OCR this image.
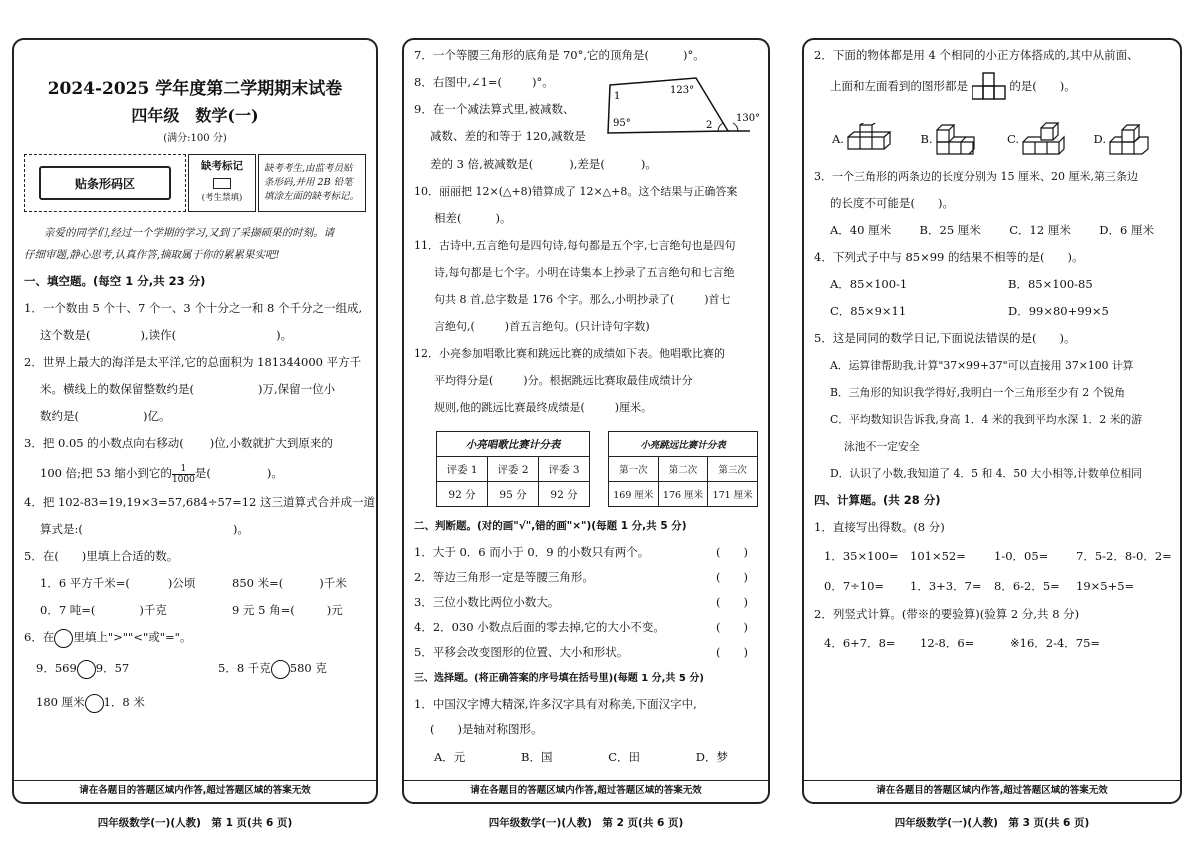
2024-2025 学年度第二学期期末试卷
四年级　数学(一)
(满分:100 分)
贴条形码区
缺考标记
(考生禁填)
缺考考生,由监考员贴条形码,并用 2B 铅笔填涂左面的缺考标记。
亲爱的同学们,经过一个学期的学习,又到了采撷硕果的时刻。请
仔细审题,静心思考,认真作答,摘取属于你的累累果实吧!
一、填空题。(每空 1 分,共 23 分)
1．一个数由 5 个十、7 个一、3 个十分之一和 8 个千分之一组成,
这个数是(	),读作(	)。
2．世界上最大的海洋是太平洋,它的总面积为 181344000 平方千
米。横线上的数保留整数约是(	)万,保留一位小
数约是(	)亿。
3．把 0.05 的小数点向右移动( )位,小数就扩大到原来的
100 倍;把 53 缩小到它的 $\frac{1}{1000}$ 是(	)。
4．把 102-83=19,19×3=57,684÷57=12 这三道算式合并成一道
算式是:(	)。
5．在(　　)里填上合适的数。
1．6 平方千米=(	)公顷	850 米=(	)千米
0．7 吨=(	)千克	9 元 5 角=(	)元
6．在 里填上">""<"或"="。
9．569 9．57	5．8 千克 580 克
180 厘米 1．8 米
请在各题目的答题区域内作答,超过答题区域的答案无效
四年级数学(一)(人教)　第 1 页(共 6 页)
7．一个等腰三角形的底角是 70°,它的顶角是(	)°。
8．右图中,∠1=(	)°。
9．在一个减法算式里,被减数、
减数、差的和等于 120,减数是
1
123°
95°	2
130°
差的 3 倍,被减数是(	),差是(	)。
10．丽丽把 12×(△+8)错算成了 12×△+8。这个结果与正确答案
相差(	)。
11．古诗中,五言绝句是四句诗,每句都是五个字,七言绝句也是四句
诗,每句都是七个字。小明在诗集本上抄录了五言绝句和七言绝
句共 8 首,总字数是 176 个字。那么,小明抄录了(	)首七
言绝句,(	)首五言绝句。(只计诗句字数)
12．小亮参加唱歌比赛和跳远比赛的成绩如下表。他唱歌比赛的
平均得分是(	)分。根据跳远比赛取最佳成绩计分
规则,他的跳远比赛最终成绩是(	)厘米。
小亮唱歌比赛计分表		
评委 1	评委 2	评委 3
92 分	95 分	92 分
小亮跳远比赛计分表		
第一次	第二次	第三次
169 厘米	176 厘米	171 厘米
二、判断题。(对的画"√",错的画"×")(每题 1 分,共 5 分)
1．大于 0．6 而小于 0．9 的小数只有两个。	(　　)
2．等边三角形一定是等腰三角形。	(　　)
3．三位小数比两位小数大。	(　　)
4．2．030 小数点后面的零去掉,它的大小不变。	(　　)
5．平移会改变图形的位置、大小和形状。	(　　)
三、选择题。(将正确答案的序号填在括号里)(每题 1 分,共 5 分)
1．中国汉字博大精深,许多汉字具有对称美,下面汉字中,
(　　)是轴对称图形。
A．元	B．国	C．田	D．梦
请在各题目的答题区域内作答,超过答题区域的答案无效
四年级数学(一)(人教)　第 2 页(共 6 页)
2．下面的物体都是用 4 个相同的小正方体搭成的,其中从前面、
上面和左面看到的图形都是	的是(　　)。
A.	B.	C.	D.
3．一个三角形的两条边的长度分别为 15 厘米、20 厘米,第三条边
的长度不可能是(　　)。
A．40 厘米 B．25 厘米 C．12 厘米 D．6 厘米
4．下列式子中与 85×99 的结果不相等的是(　　)。
A．85×100-1	B．85×100-85
C．85×9×11	D．99×80+99×5
5．这是同同的数学日记,下面说法错误的是(　　)。
A．运算律帮助我,计算"37×99+37"可以直接用 37×100 计算
B．三角形的知识我学得好,我明白一个三角形至少有 2 个锐角
C．平均数知识告诉我,身高 1．4 米的我到平均水深 1．2 米的游
泳池不一定安全
D．认识了小数,我知道了 4．5 和 4．50 大小相等,计数单位相同
四、计算题。(共 28 分)
1．直接写出得数。(8 分)
1．35×100= 101×52= 1-0．05= 7．5-2．8-0．2=
0．7÷10= 1．3+3．7= 8．6-2．5= 19×5+5=
2．列竖式计算。(带※的要验算)(验算 2 分,共 8 分)
4．6+7．8= 12-8．6=	※16．2-4．75=
请在各题目的答题区域内作答,超过答题区域的答案无效
四年级数学(一)(人教)　第 3 页(共 6 页)
